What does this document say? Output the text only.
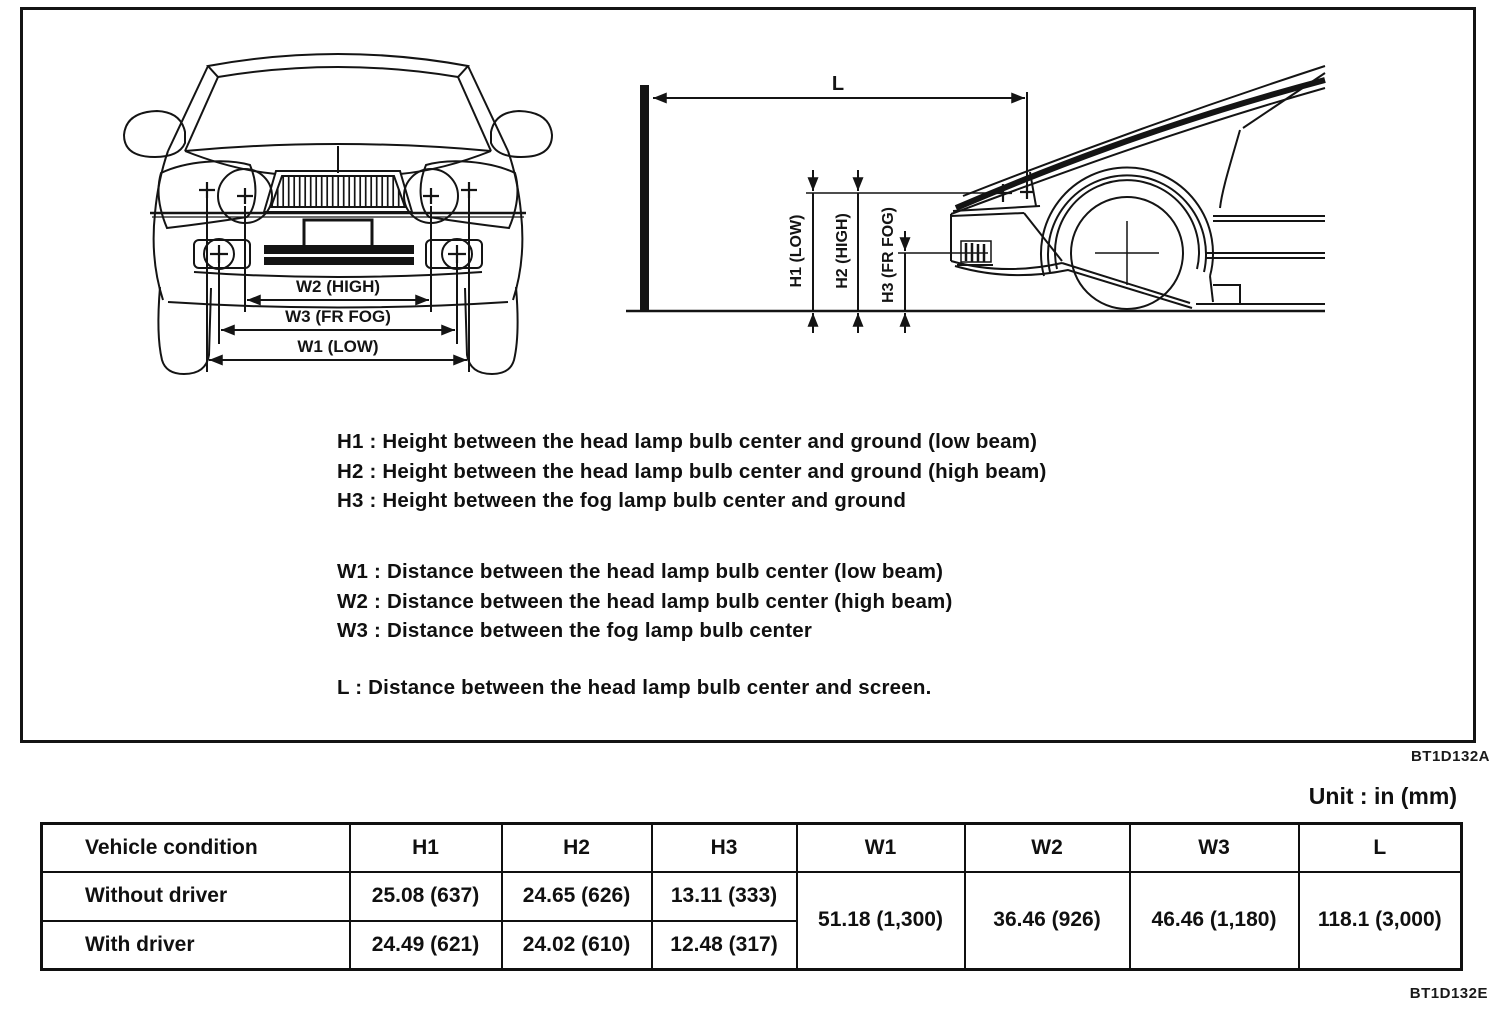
W2 (HIGH)
W3 (FR FOG)
W1 (LOW)
L
H1 (LOW) H2 (HIGH) H3 (FR FOG)
H1 : Height between the head lamp bulb center and ground (low beam)
H2 : Height between the head lamp bulb center and ground (high beam)
H3 : Height between the fog lamp bulb center and ground
W1 : Distance between the head lamp bulb center (low beam)
W2 : Distance between the head lamp bulb center (high beam)
W3 : Distance between the fog lamp bulb center
L : Distance between the head lamp bulb center and screen.
BT1D132A
Unit : in (mm)
Vehicle condition	H1	H2	H3	W1	W2	W3	L
Without driver	25.08 (637)	24.65 (626)	13.11 (333)	51.18 (1,300)	36.46 (926)	46.46 (1,180)	118.1 (3,000)
With driver	24.49 (621)	24.02 (610)	12.48 (317)				
BT1D132E
